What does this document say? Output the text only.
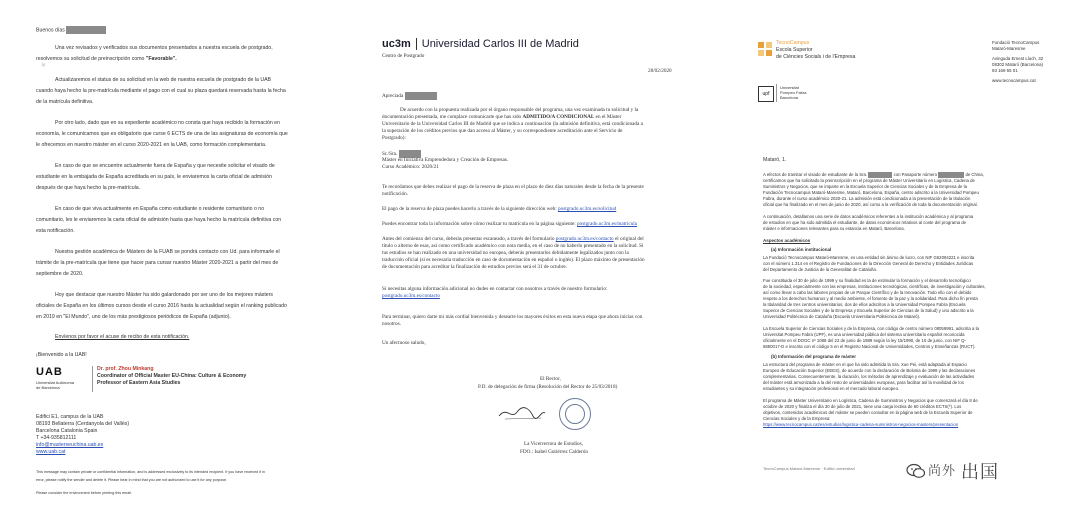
✦
Buenos días
Una vez revisados y verificados sus documentos presentados a nuestra escuela de postgrado,
resolvemos su solicitud de preinscripción como "Favorable".
Actualizaremos el status de su solicitud en la web de nuestra escuela de postgrado de la UAB
cuando haya hecho la pre-matrícula mediante el pago con el cual su plaza quedará reservada hasta la fecha
de la matrícula definitiva.
Por otro lado, dado que en su expediente académico no consta que haya recibido la formación en
economía, le comunicamos que es obligatorio que curse 6 ECTS de una de las asignaturas de economía que
le ofrecemos en nuestro máster en el curso 2020-2021 en la UAB, como formación complementaria.
En caso de que se encuentre actualmente fuera de España y que necesite solicitar el visado de
estudiante en la embajada de España acreditada en su país, le enviaremos la carta oficial de admisión
después de que haya hecho la pre-matrícula.
En caso de que viva actualmente en España como estudiante o residente comunitario o no
comunitario, les le enviaremos la carta oficial de admisión hasta que haya hecho la matrícula definitiva con
esta notificación.
Nuestra gestión académica de Másters de la FUAB se pondrá contacto con Ud. para informarle el
trámite de la pre-matrícula que tiene que hacer para cursar nuestro Máster 2020-2021 a partir del mes de
septiembre de 2020.
Hoy que destacar que nuestro Máster ha sido galardonado por ser uno de los mejores másters
oficiales de España en los últimos cursos desde el curso 2016 hasta la actualidad según el ranking publicado
en 2019 en "El Mundo", uno de los más prestigiosos periódicos de España (adjunto).
Envíenos por favor el acuse de recibo de esta notificación.
¡Bienvenido a la UAB!
UAB
Universitat Autònoma
de Barcelona
Dr. prof. Zhou Minkang
Coordinator of Official Master EU-China: Culture & Economy
Professor of Eastern Asia Studies
Edifici E1, campus de la UAB
08193 Bellaterra (Cerdanyola del Vallès)
Barcelona Catalonia Spain
T +34-935812111
info@masterseuchina.uab.es
www.uab.cat
This message may contain private or confidential information, and is addressed exclusively to its intended recipient. If you have received it in
error, please notify the sender and delete it. Please bear in mind that you are not authorized to use it for any purpose.
Please consider the environment before printing this email.
uc3m Universidad Carlos III de Madrid
Centro de Postgrado
28/02/2020
Apreciada
De acuerdo con la propuesta realizada por el órgano responsable del programa, una vez examinada tu solicitud y la
documentación presentada, me complace comunicarte que has sido ADMITIDO/A CONDICIONAL en el Máster
Universitario de la Universidad Carlos III de Madrid que se indica a continuación (la admisión definitiva, está condicionada a
la superación de los créditos previos que dan acceso al Máster, y su correspondiente acreditación ante el Servicio de
Postgrado):
Sr./Sra.
Máster en Iniciativa Emprendedora y Creación de Empresas.
Curso Académico: 2020/21
Te recordamos que debes realizar el pago de la reserva de plaza en el plazo de diez días naturales desde la fecha de la presente
notificación.
El pago de la reserva de plaza puedes hacerlo a través de la siguiente dirección web: postgrado.uc3m.es/solicitud
Puedes encontrar toda la información sobre cómo realizar tu matrícula en la página siguiente: postgrado.uc3m.es/matricula
Antes del comienzo del curso, deberás presentar escaneado, a través del formulario postgrado.uc3m.es/contacto el original del
título o alterno de esas, así como certificado académico con nota media, en el caso de no haberlo presentado en la solicitud. Si
tus estudios se han realizado en una universidad no europea, deberás presentarlos debidamente legalizados junto con la
traducción oficial (si es necesaria traducción en caso de documentación en español o inglés). El plazo máximo de presentación
de documentación para acreditar la finalización de estudios previos será el 31 de octubre.
Si necesitas alguna información adicional no dudes en contactar con nosotros a través de nuestro formulario:
postgrado.uc3m.es/contacto
Para terminar, quiero darte mi más cordial bienvenida y desearte los mayores éxitos en esta nueva etapa que ahora inicias con
nosotros.
Un afectuoso saludo,
El Rector,
P.D. de delegación de firma (Resolución del Rector de 25/03/2018)
La Vicerrectora de Estudios,
FDO.: Isabel Gutiérrez Calderón
TecnoCampus
Escola Superior
de Ciències Socials i de l'Empresa
Fundació TecnoCampus
Mataró-Maresme
Avinguda Ernest Lluch, 32
08302 Mataró (Barcelona)
93 169 65 01
www.tecnocampus.cat
upf
Universitat
Pompeu Fabra
Barcelona
Mataró, 1.
A efectos de tramitar el visado de estudiante de la Sra.	con Pasaporte número	de China,
certificamos que ha solicitado la preinscripción en el programa de Máster Universitario en Logística, Cadena de
Suministros y Negocios, que se imparte en la Escuela Superior de Ciencias Sociales y de la Empresa de la
Fundación Tecnocampus Mataró-Maresme, Mataró, Barcelona, España, centro adscrito a la Universidad Pompeu
Fabra, durante el curso académico 2020-21. La admisión está condicionada a la presentación de la titulación
oficial que ha finalizado en el mes de junio de 2020, así como a la verificación de toda la documentación original.
A continuación, detallamos una serie de datos académicos referentes a la institución académica y al programa
de estudios en que ha sido admitida el estudiante, de datos económicos relativos al coste del programa de
máster e informaciones relevantes para su estancia en Mataró, Barcelona.
Aspectos académicos
(a) Información institucional
La Fundació Tecnocampus Mataró-Maresme, es una entidad sin ánimo de lucro, con NIF G62094221 e inscrita
con el número 1.314 en el Registro de Fundaciones de la Dirección General de Derecho y Entidades Jurídicas
del Departamento de Justicia de la Generalitat de Cataluña.
Fue constituida el 30 de julio de 1999 y su finalidad es la de estimular la formación y el desarrollo tecnológico
de la sociedad, especialmente con las empresas, instituciones tecnológicas, científicas, de investigación y culturales,
así como llevar a cabo las labores propias de un Parque Científico y de la Innovación. Todo ello con el debido
respeto a los derechos humanos y al medio ambiente, el fomento de la paz y la solidaridad. Para dicho fin presta
la titularidad de tres centros universitarios, dos de ellos adscritos a la Universidad Pompeu Fabra (Escuela
Superior de Ciencias Sociales y de la Empresa y Escuela Superior de Ciencias de la Salud) y uno adscrito a la
Universidad Politécnica de Cataluña (Escuela Universitaria Politécnica de Mataró).
La Escuela Superior de Ciencias Sociales y de la Empresa, con código de centro número 08059991, adscrita a la
Universitat Pompeu Fabra (UPF), es una universidad pública del sistema universitario español reconocida
oficialmente en el DOGC nº 1088 del 22 de junio de 1989 según la ley 15/1990, de 10 de junio, con NIF Q-
5850017-D e inscrita con el código 5 en el Registro Nacional de Universidades, Centros y Enseñanzas (RUCT).
(b) Información del programa de máster
La estructura del programa de máster en el que ha sido admitida la Sra. Xue Pei, está adaptada al Espacio
Europeo de Educación Superior (EEES), de acuerdo con la declaración de Bolonia de 1999 y las declaraciones
complementarias. Consecuentemente, la duración, los métodos de aprendizaje y evaluación de las actividades
del máster está armonizada a la del resto de universidades europeas, para facilitar así la movilidad de los
estudiantes y su integración profesional en el mercado laboral europeo.
El programa de Máster Universitario en Logística, Cadena de Suministros y Negocios que comenzará el día 8 de
octubre de 2020 y finaliza el día 30 de julio de 2021, tiene una carga lectiva de 60 créditos ECTS(*). Los
objetivos, contenidos académicos del máster se pueden consultar en la página web de la Escuela Superior de
Ciencias Sociales y de la Empresa:
https://www.tecnocampus.cat/es/estudios/logistica-cadena-suministros-negocios-masters/presentacion
TecnoCampus Mataró-Maresme · Edifici universitari	尚外 出国
